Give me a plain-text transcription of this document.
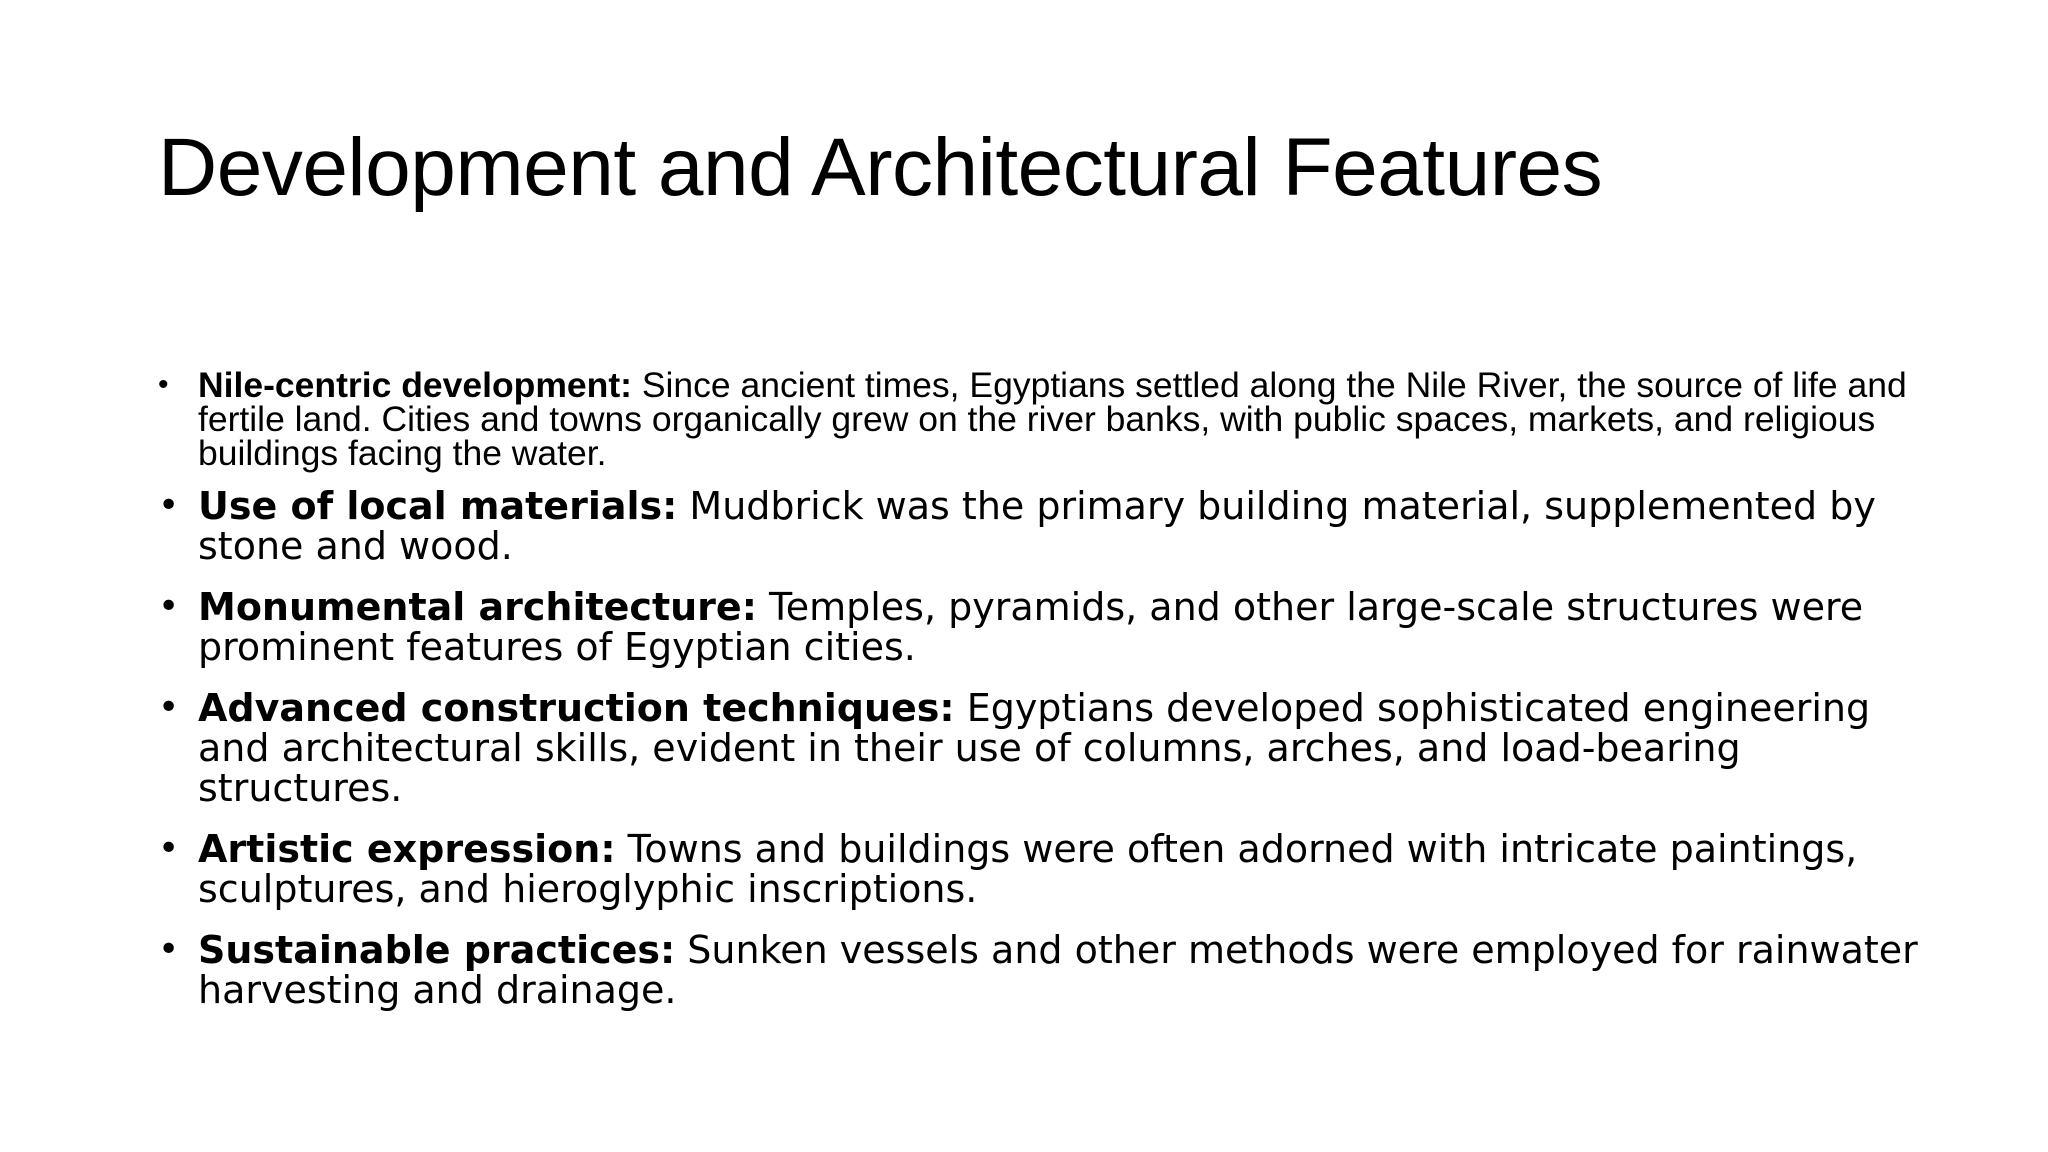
Development and Architectural Features
• Nile-centric development: Since ancient times, Egyptians settled along the Nile River, the source of life and fertile land. Cities and towns organically grew on the river banks, with public spaces, markets, and religious buildings facing the water.
• Use of local materials: Mudbrick was the primary building material, supplemented by stone and wood.
• Monumental architecture: Temples, pyramids, and other large-scale structures were prominent features of Egyptian cities.
• Advanced construction techniques: Egyptians developed sophisticated engineering and architectural skills, evident in their use of columns, arches, and load-bearing structures.
• Artistic expression: Towns and buildings were often adorned with intricate paintings, sculptures, and hieroglyphic inscriptions.
• Sustainable practices: Sunken vessels and other methods were employed for rainwater harvesting and drainage.
